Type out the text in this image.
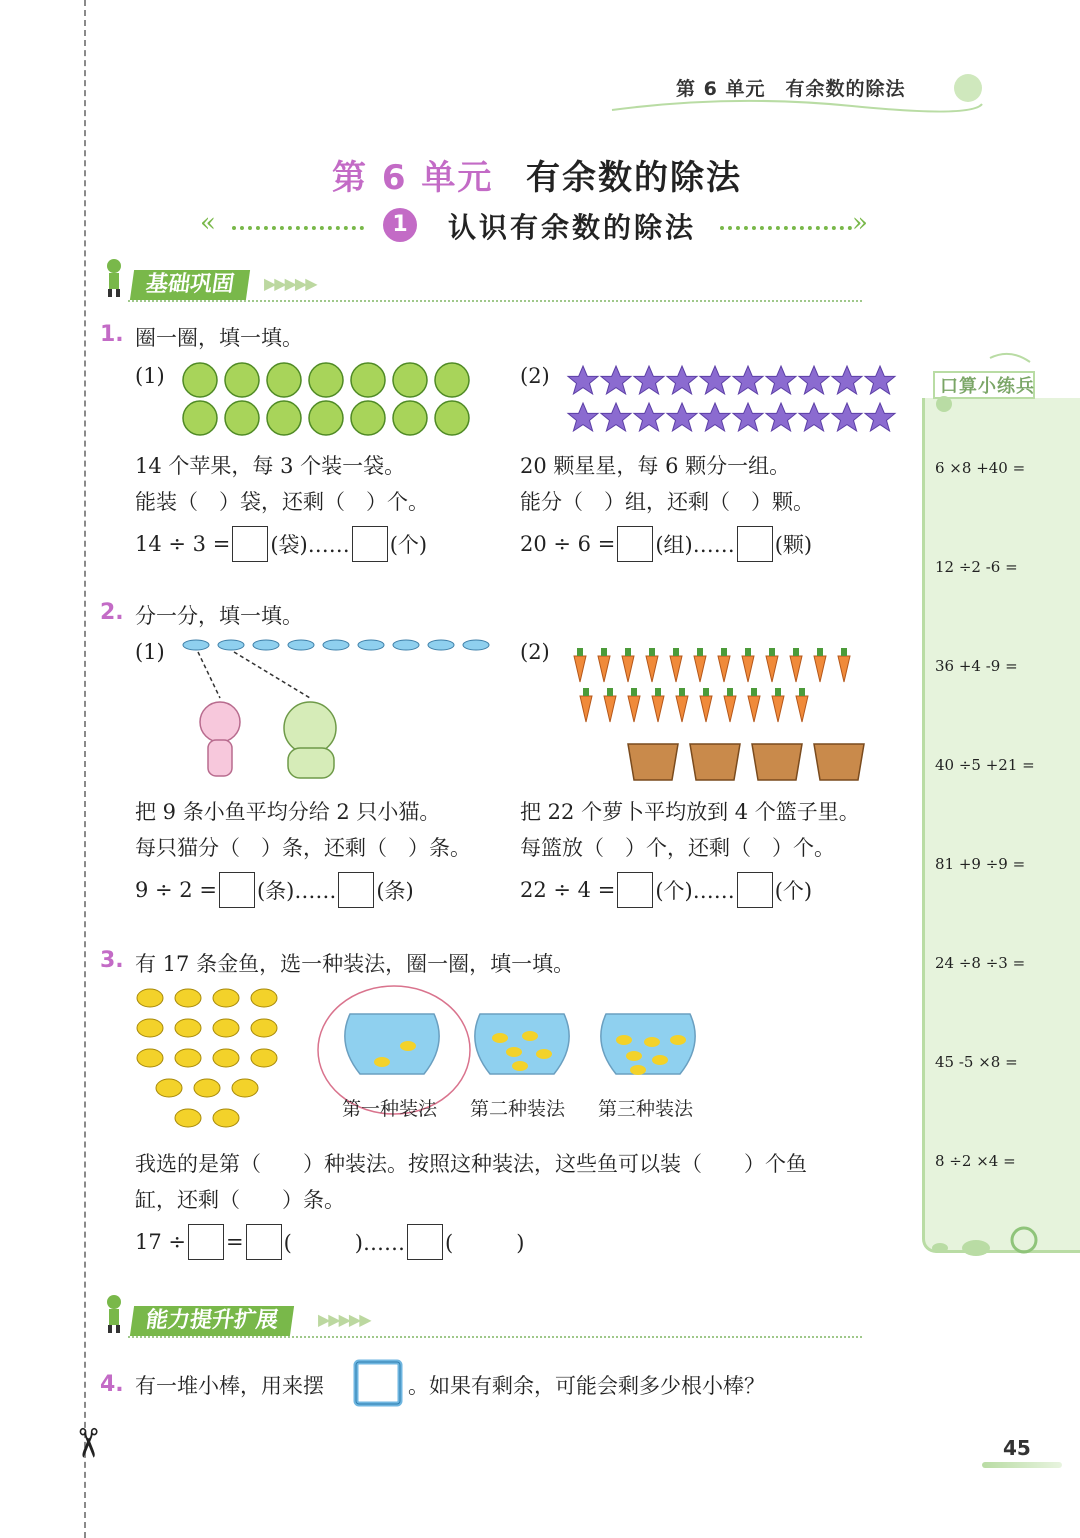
✂
第 6 单元　有余数的除法
第 6 单元 有余数的除法
«	1	认识有余数的除法	»
基础巩固	▶▶▶▶▶
1. 圈一圈，填一填。
(1)
14 个苹果，每 3 个装一袋。
能装（　）袋，还剩（　）个。
14 ÷ 3 = (袋)…… (个)
(2)
20 颗星星，每 6 颗分一组。
能分（　）组，还剩（　）颗。
20 ÷ 6 = (组)…… (颗)
2. 分一分，填一填。
(1)
把 9 条小鱼平均分给 2 只小猫。
每只猫分（　）条，还剩（　）条。
9 ÷ 2 = (条)…… (条)
(2)
把 22 个萝卜平均放到 4 个篮子里。
每篮放（　）个，还剩（　）个。
22 ÷ 4 = (个)…… (个)
3. 有 17 条金鱼，选一种装法，圈一圈，填一填。
第一种装法 第二种装法 第三种装法
我选的是第（　　）种装法。按照这种装法，这些鱼可以装（　　）个鱼
缸，还剩（　　）条。
17 ÷ = (　　　)…… (　　　)
能力提升扩展	▶▶▶▶▶
4. 有一堆小棒，用来摆	。如果有剩余，可能会剩多少根小棒？
口算小练兵
6 ×8 +40 =
12 ÷2 -6 =
36 +4 -9 =
40 ÷5 +21 =
81 +9 ÷9 =
24 ÷8 ÷3 =
45 -5 ×8 =
8 ÷2 ×4 =
45
